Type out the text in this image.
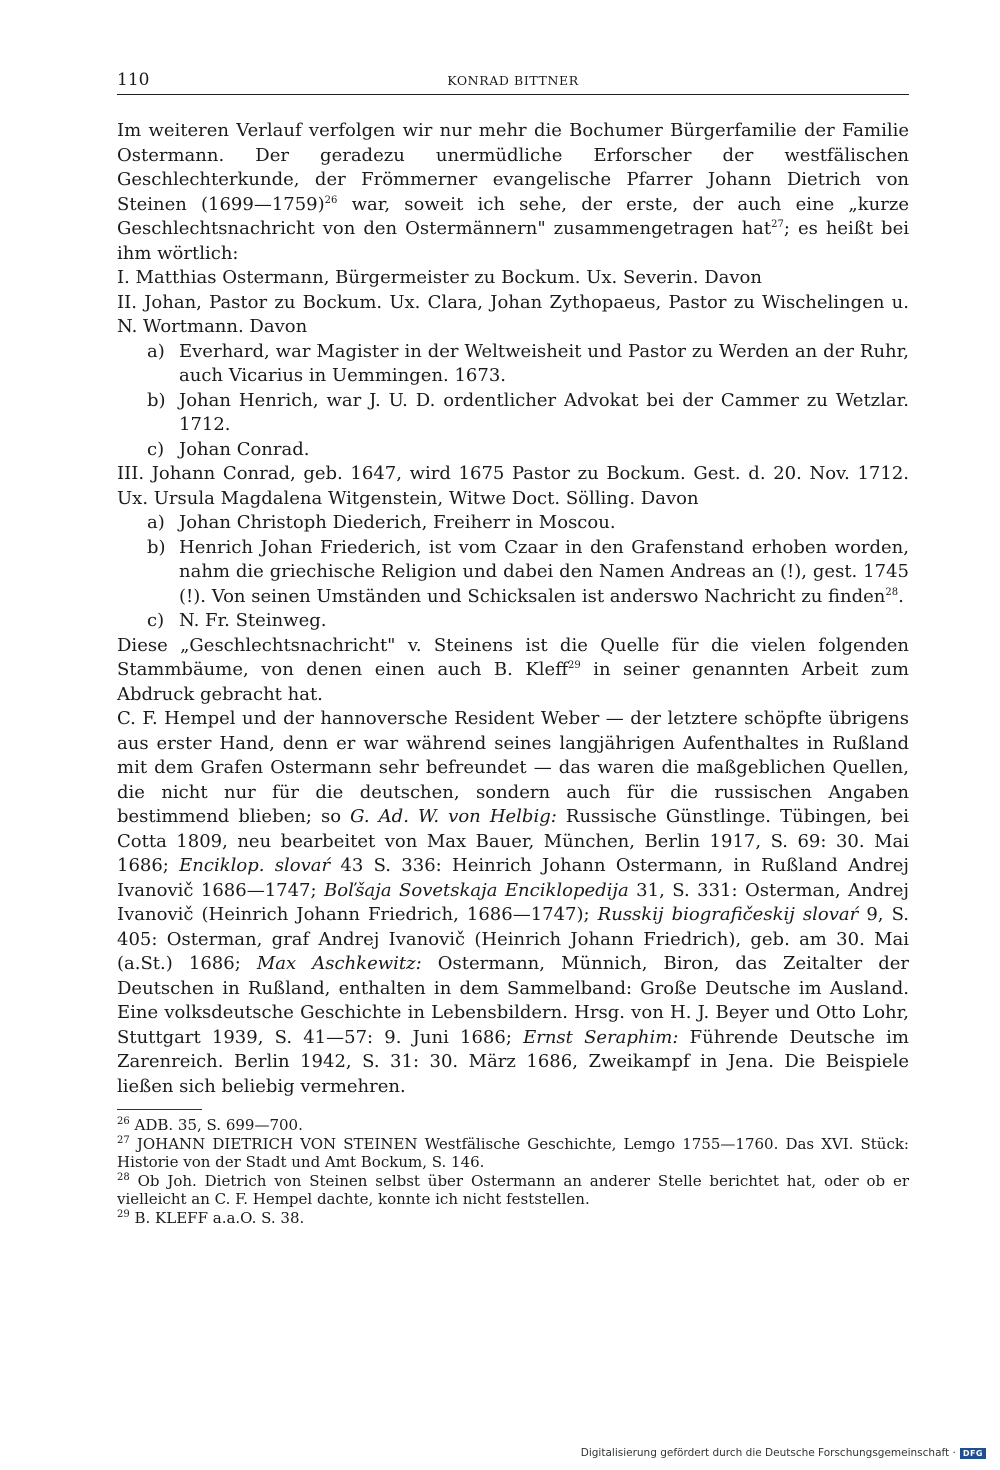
110	KONRAD BITTNER

Im weiteren Verlauf verfolgen wir nur mehr die Bochumer Bürgerfamilie der Familie Ostermann. Der geradezu unermüdliche Erforscher der westfälischen Geschlechterkunde, der Frömmerner evangelische Pfarrer Johann Dietrich von Steinen (1699—1759)$^{26}$ war, soweit ich sehe, der erste, der auch eine „kurze Geschlechtsnachricht von den Ostermännern" zusammengetragen hat$^{27}$; es heißt bei ihm wörtlich:

I. Matthias Ostermann, Bürgermeister zu Bockum. Ux. Severin. Davon

II. Johan, Pastor zu Bockum. Ux. Clara, Johan Zythopaeus, Pastor zu Wischelingen u. N. Wortmann. Davon

a) Everhard, war Magister in der Weltweisheit und Pastor zu Werden an der Ruhr, auch Vicarius in Uemmingen. 1673.
b) Johan Henrich, war J. U. D. ordentlicher Advokat bei der Cammer zu Wetzlar. 1712.
c) Johan Conrad.

III. Johann Conrad, geb. 1647, wird 1675 Pastor zu Bockum. Gest. d. 20. Nov. 1712. Ux. Ursula Magdalena Witgenstein, Witwe Doct. Sölling. Davon

a) Johan Christoph Diederich, Freiherr in Moscou.
b) Henrich Johan Friederich, ist vom Czaar in den Grafenstand erhoben worden, nahm die griechische Religion und dabei den Namen Andreas an (!), gest. 1745 (!). Von seinen Umständen und Schicksalen ist anderswo Nachricht zu finden$^{28}$.
c) N. Fr. Steinweg.

Diese „Geschlechtsnachricht" v. Steinens ist die Quelle für die vielen folgenden Stammbäume, von denen einen auch B. Kleff$^{29}$ in seiner genannten Arbeit zum Abdruck gebracht hat.

C. F. Hempel und der hannoversche Resident Weber — der letztere schöpfte übrigens aus erster Hand, denn er war während seines langjährigen Aufenthaltes in Rußland mit dem Grafen Ostermann sehr befreundet — das waren die maßgeblichen Quellen, die nicht nur für die deutschen, sondern auch für die russischen Angaben bestimmend blieben; so G. Ad. W. von Helbig: Russische Günstlinge. Tübingen, bei Cotta 1809, neu bearbeitet von Max Bauer, München, Berlin 1917, S. 69: 30. Mai 1686; Enciklop. slovaŕ 43 S. 336: Heinrich Johann Ostermann, in Rußland Andrej Ivanovič 1686—1747; Boľšaja Sovetskaja Enciklopedija 31, S. 331: Osterman, Andrej Ivanovič (Heinrich Johann Friedrich, 1686—1747); Russkij biografičeskij slovaŕ 9, S. 405: Osterman, graf Andrej Ivanovič (Heinrich Johann Friedrich), geb. am 30. Mai (a.St.) 1686; Max Aschkewitz: Ostermann, Münnich, Biron, das Zeitalter der Deutschen in Rußland, enthalten in dem Sammelband: Große Deutsche im Ausland. Eine volksdeutsche Geschichte in Lebensbildern. Hrsg. von H. J. Beyer und Otto Lohr, Stuttgart 1939, S. 41—57: 9. Juni 1686; Ernst Seraphim: Führende Deutsche im Zarenreich. Berlin 1942, S. 31: 30. März 1686, Zweikampf in Jena. Die Beispiele ließen sich beliebig vermehren.

$^{26}$ ADB. 35, S. 699—700.

$^{27}$ JOHANN DIETRICH VON STEINEN Westfälische Geschichte, Lemgo 1755—1760. Das XVI. Stück: Historie von der Stadt und Amt Bockum, S. 146.

$^{28}$ Ob Joh. Dietrich von Steinen selbst über Ostermann an anderer Stelle berichtet hat, oder ob er vielleicht an C. F. Hempel dachte, konnte ich nicht feststellen.

$^{29}$ B. KLEFF a.a.O. S. 38.

Digitalisierung gefördert durch die Deutsche Forschungsgemeinschaft · DFG
